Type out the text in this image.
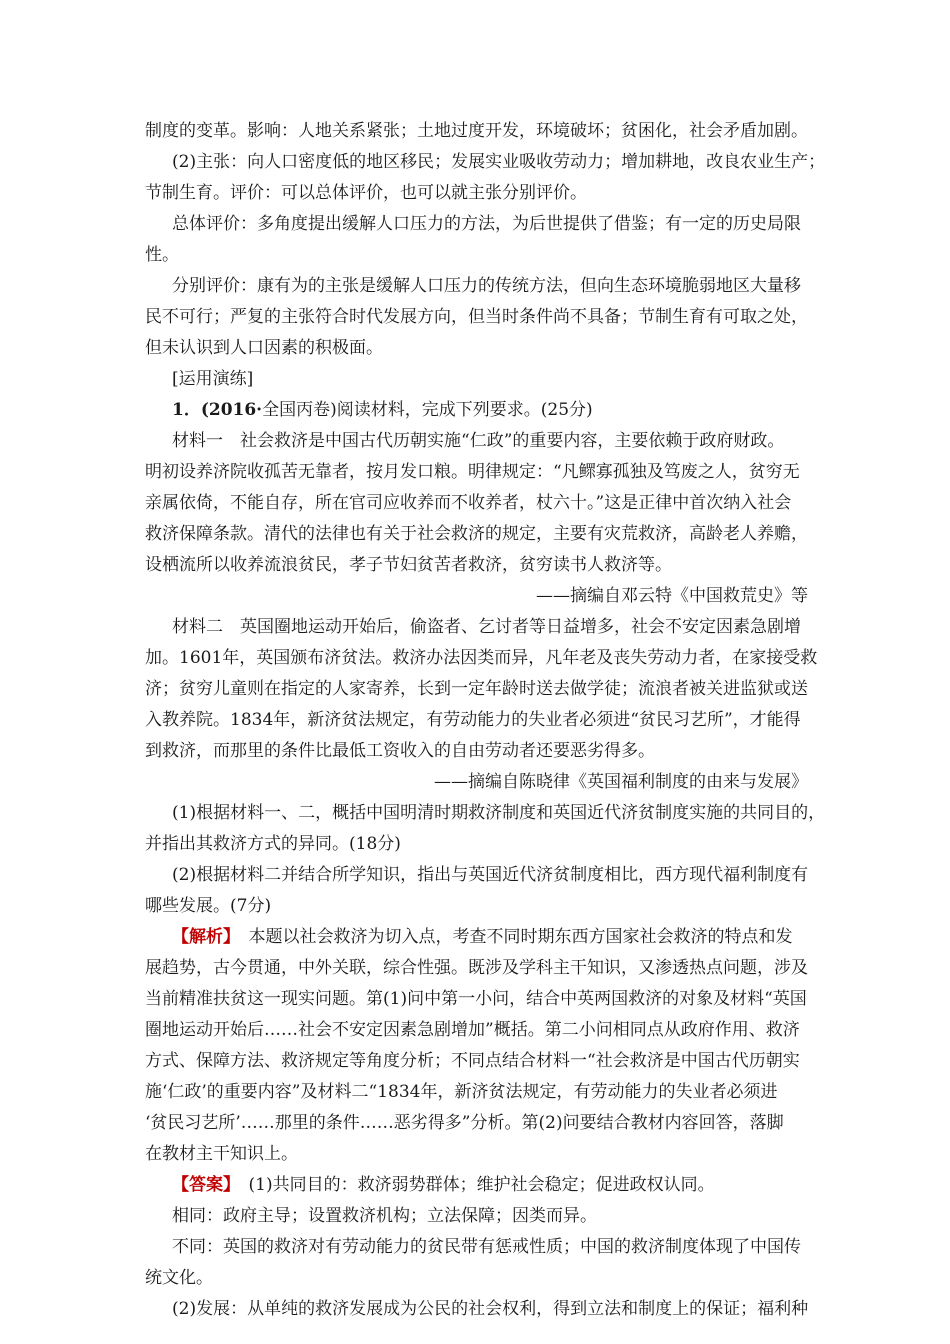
制度的变革。影响：人地关系紧张；土地过度开发，环境破坏；贫困化，社会矛盾加剧。
(2)主张：向人口密度低的地区移民；发展实业吸收劳动力；增加耕地，改良农业生产；
节制生育。评价：可以总体评价，也可以就主张分别评价。
总体评价：多角度提出缓解人口压力的方法，为后世提供了借鉴；有一定的历史局限
性。
分别评价：康有为的主张是缓解人口压力的传统方法，但向生态环境脆弱地区大量移
民不可行；严复的主张符合时代发展方向，但当时条件尚不具备；节制生育有可取之处，
但未认识到人口因素的积极面。
[运用演练]
1．(2016·全国丙卷)阅读材料，完成下列要求。(25分)
材料一　社会救济是中国古代历朝实施“仁政”的重要内容，主要依赖于政府财政。
明初设养济院收孤苦无靠者，按月发口粮。明律规定：“凡鳏寡孤独及笃废之人，贫穷无
亲属依倚，不能自存，所在官司应收养而不收养者，杖六十。”这是正律中首次纳入社会
救济保障条款。清代的法律也有关于社会救济的规定，主要有灾荒救济，高龄老人养赡，
设栖流所以收养流浪贫民，孝子节妇贫苦者救济，贫穷读书人救济等。
——摘编自邓云特《中国救荒史》等
材料二　英国圈地运动开始后，偷盗者、乞讨者等日益增多，社会不安定因素急剧增
加。1601年，英国颁布济贫法。救济办法因类而异，凡年老及丧失劳动力者，在家接受救
济；贫穷儿童则在指定的人家寄养，长到一定年龄时送去做学徒；流浪者被关进监狱或送
入教养院。1834年，新济贫法规定，有劳动能力的失业者必须进“贫民习艺所”，才能得
到救济，而那里的条件比最低工资收入的自由劳动者还要恶劣得多。
——摘编自陈晓律《英国福利制度的由来与发展》
(1)根据材料一、二，概括中国明清时期救济制度和英国近代济贫制度实施的共同目的，
并指出其救济方式的异同。(18分)
(2)根据材料二并结合所学知识，指出与英国近代济贫制度相比，西方现代福利制度有
哪些发展。(7分)
【解析】　 本题以社会救济为切入点，考查不同时期东西方国家社会救济的特点和发
展趋势，古今贯通，中外关联，综合性强。既涉及学科主干知识，又渗透热点问题，涉及
当前精准扶贫这一现实问题。第(1)问中第一小问，结合中英两国救济的对象及材料“英国
圈地运动开始后……社会不安定因素急剧增加”概括。第二小问相同点从政府作用、救济
方式、保障方法、救济规定等角度分析；不同点结合材料一“社会救济是中国古代历朝实
施‘仁政’的重要内容”及材料二“1834年，新济贫法规定，有劳动能力的失业者必须进
‘贫民习艺所’……那里的条件……恶劣得多”分析。第(2)问要结合教材内容回答，落脚
在教材主干知识上。
【答案】　 (1)共同目的：救济弱势群体；维护社会稳定；促进政权认同。
相同：政府主导；设置救济机构；立法保障；因类而异。
不同：英国的救济对有劳动能力的贫民带有惩戒性质；中国的救济制度体现了中国传
统文化。
(2)发展：从单纯的救济发展成为公民的社会权利，得到立法和制度上的保证；福利种
